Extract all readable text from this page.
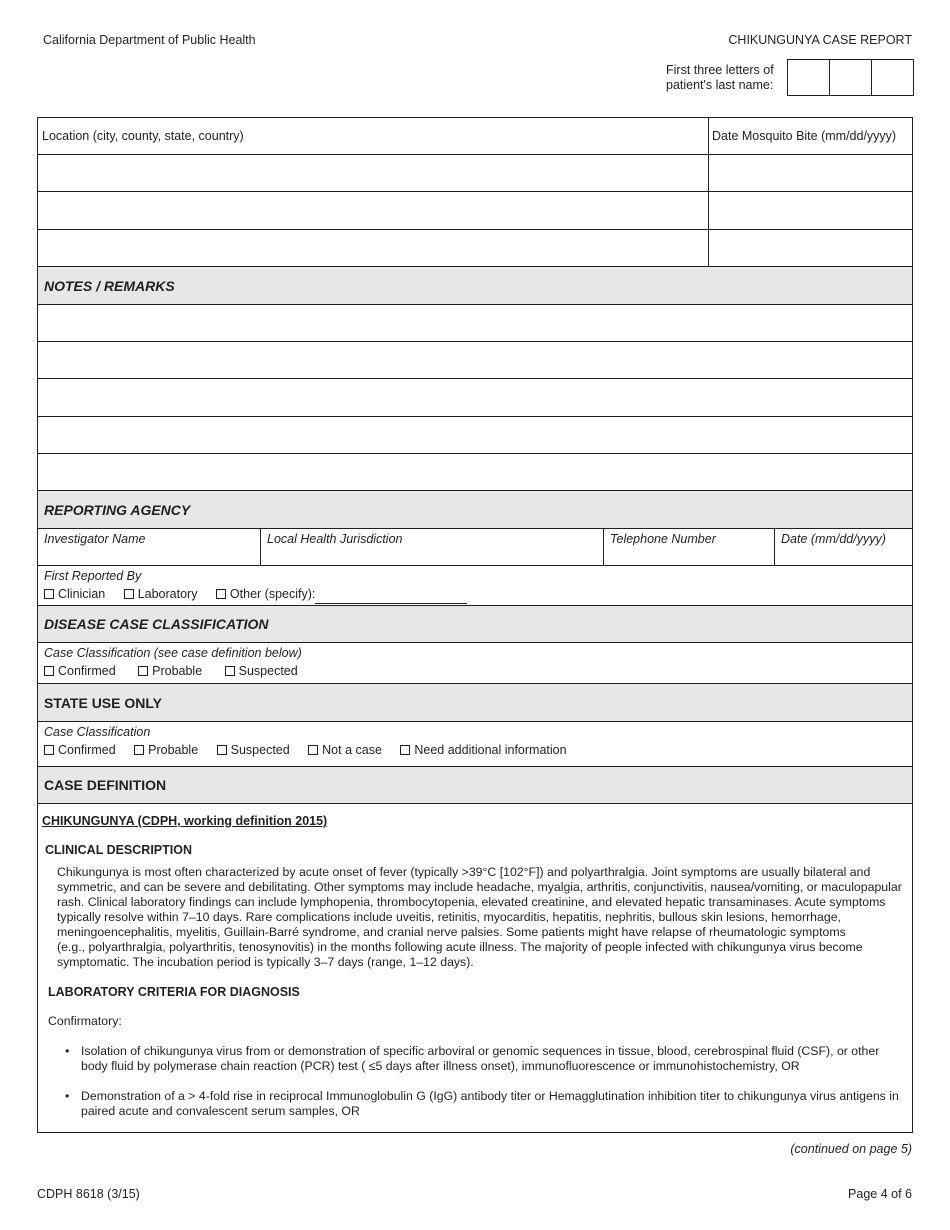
California Department of Public Health	CHIKUNGUNYA CASE REPORT
First three letters of
patient's last name:
Location (city, county, state, country)	Date Mosquito Bite (mm/dd/yyyy)
NOTES / REMARKS
REPORTING AGENCY
Investigator Name	Local Health Jurisdiction	Telephone Number	Date (mm/dd/yyyy)
First Reported By
Clinician
	Laboratory
	Other (specify):
DISEASE CASE CLASSIFICATION
Case Classification (see case definition below)
Confirmed
	Probable
	Suspected
STATE USE ONLY
Case Classification
Confirmed
	Probable
	Suspected
	Not a case
	Need additional information
CASE DEFINITION
CHIKUNGUNYA (CDPH, working definition 2015)
CLINICAL DESCRIPTION
Chikungunya is most often characterized by acute onset of fever (typically >39°C [102°F]) and polyarthralgia. Joint symptoms are usually bilateral and
symmetric, and can be severe and debilitating. Other symptoms may include headache, myalgia, arthritis, conjunctivitis, nausea/vomiting, or maculopapular
rash. Clinical laboratory findings can include lymphopenia, thrombocytopenia, elevated creatinine, and elevated hepatic transaminases. Acute symptoms
typically resolve within 7–10 days. Rare complications include uveitis, retinitis, myocarditis, hepatitis, nephritis, bullous skin lesions, hemorrhage,
meningoencephalitis, myelitis, Guillain-Barré syndrome, and cranial nerve palsies. Some patients might have relapse of rheumatologic symptoms
(e.g., polyarthralgia, polyarthritis, tenosynovitis) in the months following acute illness. The majority of people infected with chikungunya virus become
symptomatic. The incubation period is typically 3–7 days (range, 1–12 days).
LABORATORY CRITERIA FOR DIAGNOSIS
Confirmatory:
• Isolation of chikungunya virus from or demonstration of specific arboviral or genomic sequences in tissue, blood, cerebrospinal fluid (CSF), or other
body fluid by polymerase chain reaction (PCR) test ( ≤5 days after illness onset), immunofluorescence or immunohistochemistry, OR
• Demonstration of a > 4-fold rise in reciprocal Immunoglobulin G (IgG) antibody titer or Hemagglutination inhibition titer to chikungunya virus antigens in
paired acute and convalescent serum samples, OR
(continued on page 5)
CDPH 8618 (3/15)	Page 4 of 6
